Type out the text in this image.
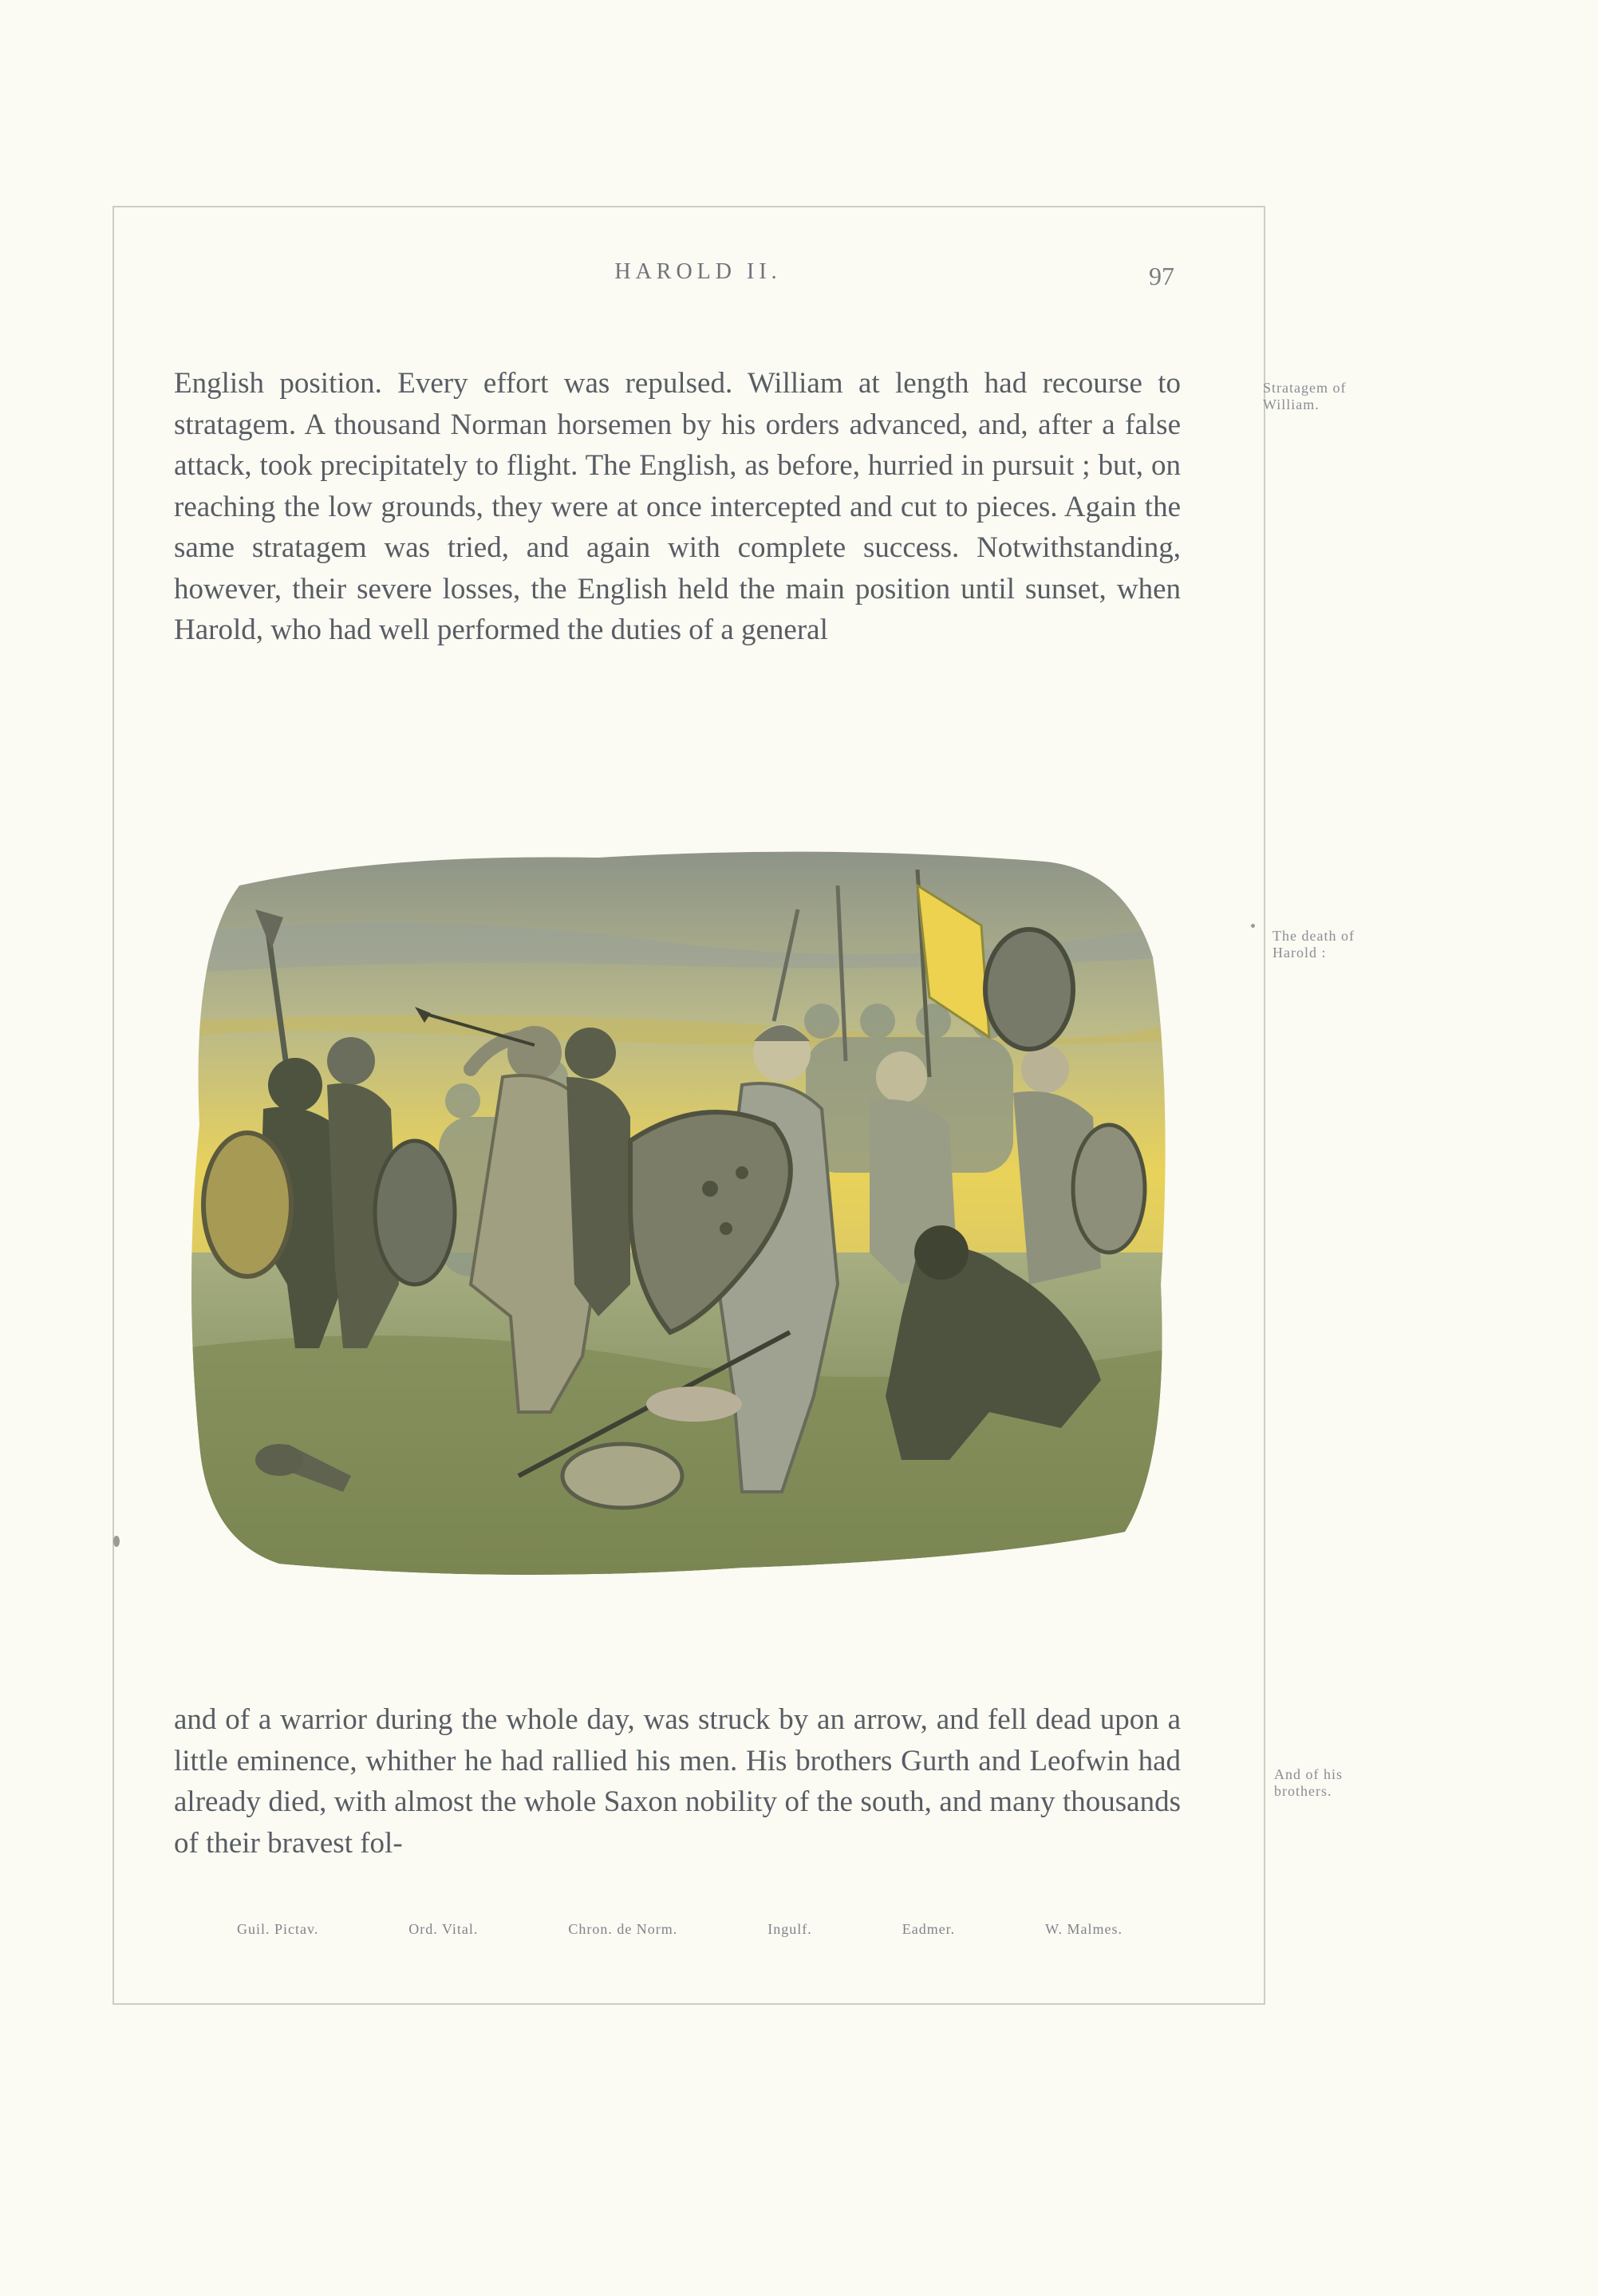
HAROLD II.	97

English position. Every effort was repulsed. William at length had recourse to stratagem. A thousand Norman horsemen by his orders advanced, and, after a false attack, took precipitately to flight. The English, as before, hurried in pursuit ; but, on reaching the low grounds, they were at once intercepted and cut to pieces. Again the same stratagem was tried, and again with complete success. Notwithstanding, however, their severe losses, the English held the main position until sunset, when Harold, who had well performed the duties of a general

Stratagem of William.
The death of Harold :
And of his brothers.

and of a warrior during the whole day, was struck by an arrow, and fell dead upon a little eminence, whither he had rallied his men. His brothers Gurth and Leofwin had already died, with almost the whole Saxon nobility of the south, and many thousands of their bravest fol-

Guil. Pictav.	Ord. Vital.	Chron. de Norm.	Ingulf.	Eadmer.	W. Malmes.
